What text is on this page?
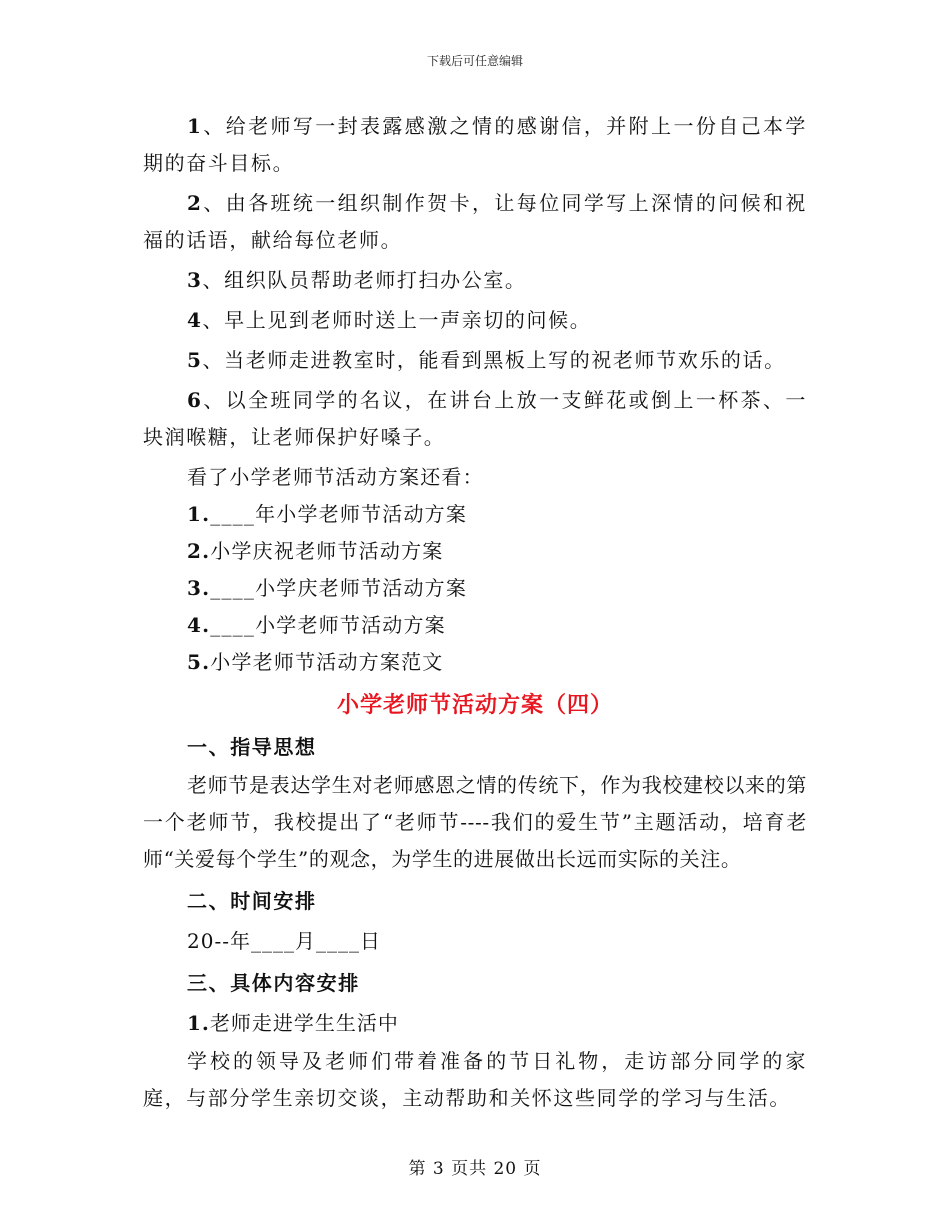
下载后可任意编辑

1、给老师写一封表露感激之情的感谢信，并附上一份自己本学期的奋斗目标。

2、由各班统一组织制作贺卡，让每位同学写上深情的问候和祝福的话语，献给每位老师。

3、组织队员帮助老师打扫办公室。

4、早上见到老师时送上一声亲切的问候。

5、当老师走进教室时，能看到黑板上写的祝老师节欢乐的话。

6、以全班同学的名议，在讲台上放一支鲜花或倒上一杯茶、一块润喉糖，让老师保护好嗓子。

看了小学老师节活动方案还看：

1.____年小学老师节活动方案

2.小学庆祝老师节活动方案

3.____小学庆老师节活动方案

4.____小学老师节活动方案

5.小学老师节活动方案范文

小学老师节活动方案（四）

一、指导思想

老师节是表达学生对老师感恩之情的传统下，作为我校建校以来的第一个老师节，我校提出了“老师节----我们的爱生节”主题活动，培育老师“关爱每个学生”的观念，为学生的进展做出长远而实际的关注。

二、时间安排

20--年____月____日

三、具体内容安排

1.老师走进学生生活中

学校的领导及老师们带着准备的节日礼物，走访部分同学的家庭，与部分学生亲切交谈，主动帮助和关怀这些同学的学习与生活。

第 3 页共 20 页
